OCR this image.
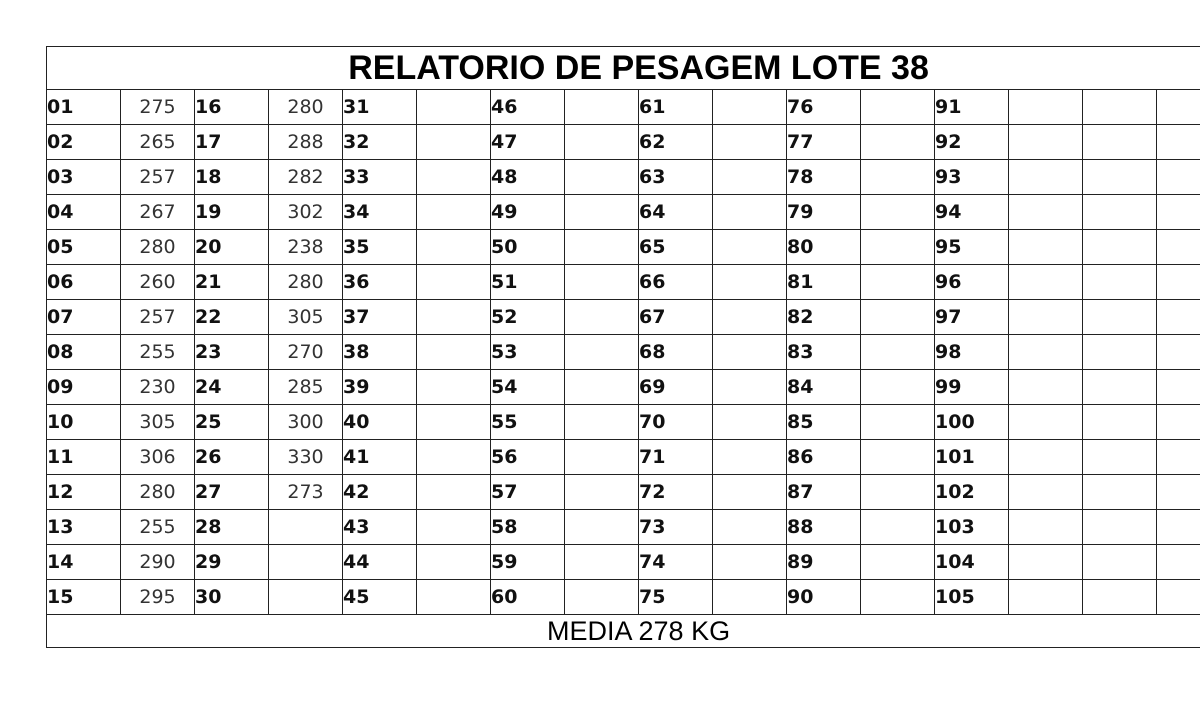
RELATORIO DE PESAGEM LOTE 38															
01	275	16	280	31		46		61		76		91			
02	265	17	288	32		47		62		77		92			
03	257	18	282	33		48		63		78		93			
04	267	19	302	34		49		64		79		94			
05	280	20	238	35		50		65		80		95			
06	260	21	280	36		51		66		81		96			
07	257	22	305	37		52		67		82		97			
08	255	23	270	38		53		68		83		98			
09	230	24	285	39		54		69		84		99			
10	305	25	300	40		55		70		85		100			
11	306	26	330	41		56		71		86		101			
12	280	27	273	42		57		72		87		102			
13	255	28		43		58		73		88		103			
14	290	29		44		59		74		89		104			
15	295	30		45		60		75		90		105			
MEDIA 278 KG															
